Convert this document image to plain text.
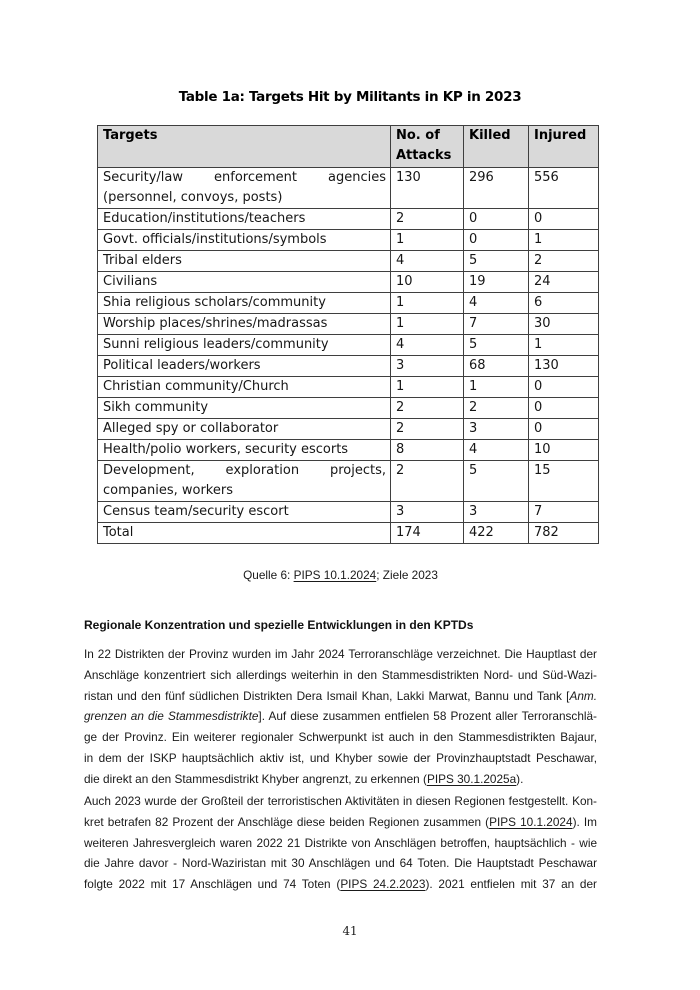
Table 1a: Targets Hit by Militants in KP in 2023
Targets	No. of Attacks	Killed	Injured

Security/law enforcement agencies
(personnel, convoys, posts)	130	296	556

Education/institutions/teachers	2	0	0

Govt. officials/institutions/symbols	1	0	1

Tribal elders	4	5	2

Civilians	10	19	24

Shia religious scholars/community	1	4	6

Worship places/shrines/madrassas	1	7	30

Sunni religious leaders/community	4	5	1

Political leaders/workers	3	68	130

Christian community/Church	1	1	0

Sikh community	2	2	0

Alleged spy or collaborator	2	3	0

Health/polio workers, security escorts	8	4	10

Development, exploration projects,
companies, workers	2	5	15

Census team/security escort	3	3	7

Total	174	422	782
Quelle 6: PIPS 10.1.2024; Ziele 2023
Regionale Konzentration und spezielle Entwicklungen in den KPTDs
In 22 Distrikten der Provinz wurden im Jahr 2024 Terroranschläge verzeichnet. Die Hauptlast der
Anschläge konzentriert sich allerdings weiterhin in den Stammesdistrikten Nord- und Süd-Wazi-
ristan und den fünf südlichen Distrikten Dera Ismail Khan, Lakki Marwat, Bannu und Tank [Anm.
grenzen an die Stammesdistrikte]. Auf diese zusammen entfielen 58 Prozent aller Terroranschlä-
ge der Provinz. Ein weiterer regionaler Schwerpunkt ist auch in den Stammesdistrikten Bajaur,
in dem der ISKP hauptsächlich aktiv ist, und Khyber sowie der Provinzhauptstadt Peschawar,
die direkt an den Stammesdistrikt Khyber angrenzt, zu erkennen (PIPS 30.1.2025a).
Auch 2023 wurde der Großteil der terroristischen Aktivitäten in diesen Regionen festgestellt. Kon-
kret betrafen 82 Prozent der Anschläge diese beiden Regionen zusammen (PIPS 10.1.2024). Im
weiteren Jahresvergleich waren 2022 21 Distrikte von Anschlägen betroffen, hauptsächlich - wie
die Jahre davor - Nord-Waziristan mit 30 Anschlägen und 64 Toten. Die Hauptstadt Peschawar
folgte 2022 mit 17 Anschlägen und 74 Toten (PIPS 24.2.2023). 2021 entfielen mit 37 an der
41
